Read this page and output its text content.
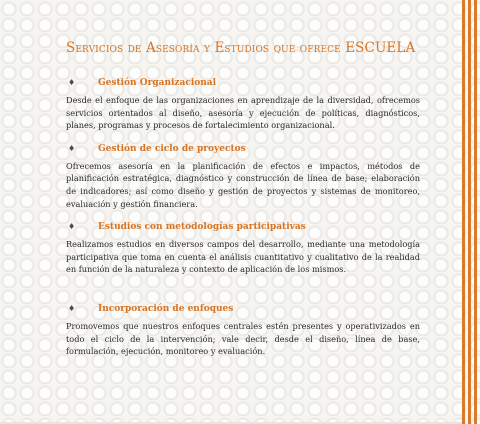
Servicios de Asesoría y Estudios que ofrece ESCUELA
♦	Gestión Organizacional

Desde el enfoque de las organizaciones en aprendizaje de la diversidad, ofrecemos servicios orientados al diseño, asesoría y ejecución de políticas, diagnósticos, planes, programas y procesos de fortalecimiento organizacional.

♦	Gestión de ciclo de proyectos

Ofrecemos asesoría en la planificación de efectos e impactos, métodos de planificación estratégica, diagnóstico y construcción de línea de base; elaboración de indicadores; así como diseño y gestión de proyectos y sistemas de monitoreo, evaluación y gestión financiera.

♦	Estudios con metodologías participativas

Realizamos estudios en diversos campos del desarrollo, mediante una metodología participativa que toma en cuenta el análisis cuantitativo y cualitativo de la realidad en función de la naturaleza y contexto de aplicación de los mismos.

♦	Incorporación de enfoques

Promovemos que nuestros enfoques centrales estén presentes y operativizados en todo el ciclo de la intervención; vale decir, desde el diseño, línea de base, formulación, ejecución, monitoreo y evaluación.
